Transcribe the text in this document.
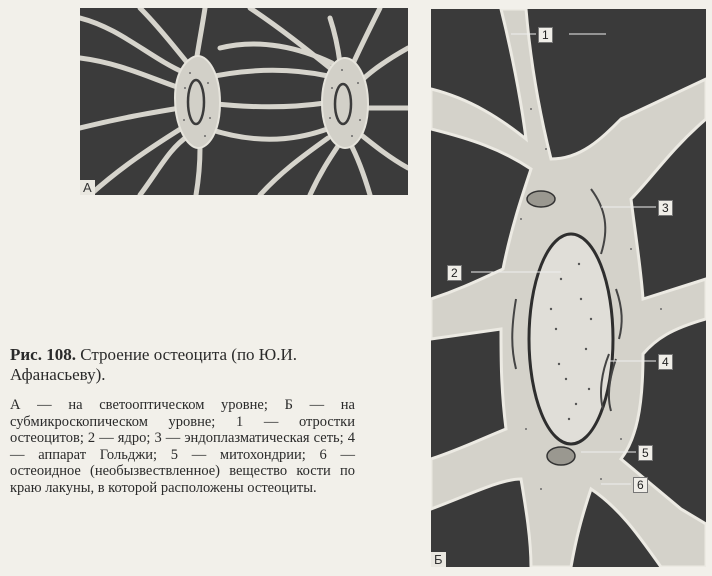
А
1
2
3
4
5
6
Б

Рис. 108. Строение остеоцита (по Ю.И. Афанасьеву).

А — на светооптическом уровне; Б — на субмикроскопическом уровне; 1 — отростки остеоцитов; 2 — ядро; 3 — эндоплазматическая сеть; 4 — аппарат Гольджи; 5 — митохондрии; 6 — остеоидное (необызвествленное) вещество кости по краю лакуны, в которой расположены остеоциты.
